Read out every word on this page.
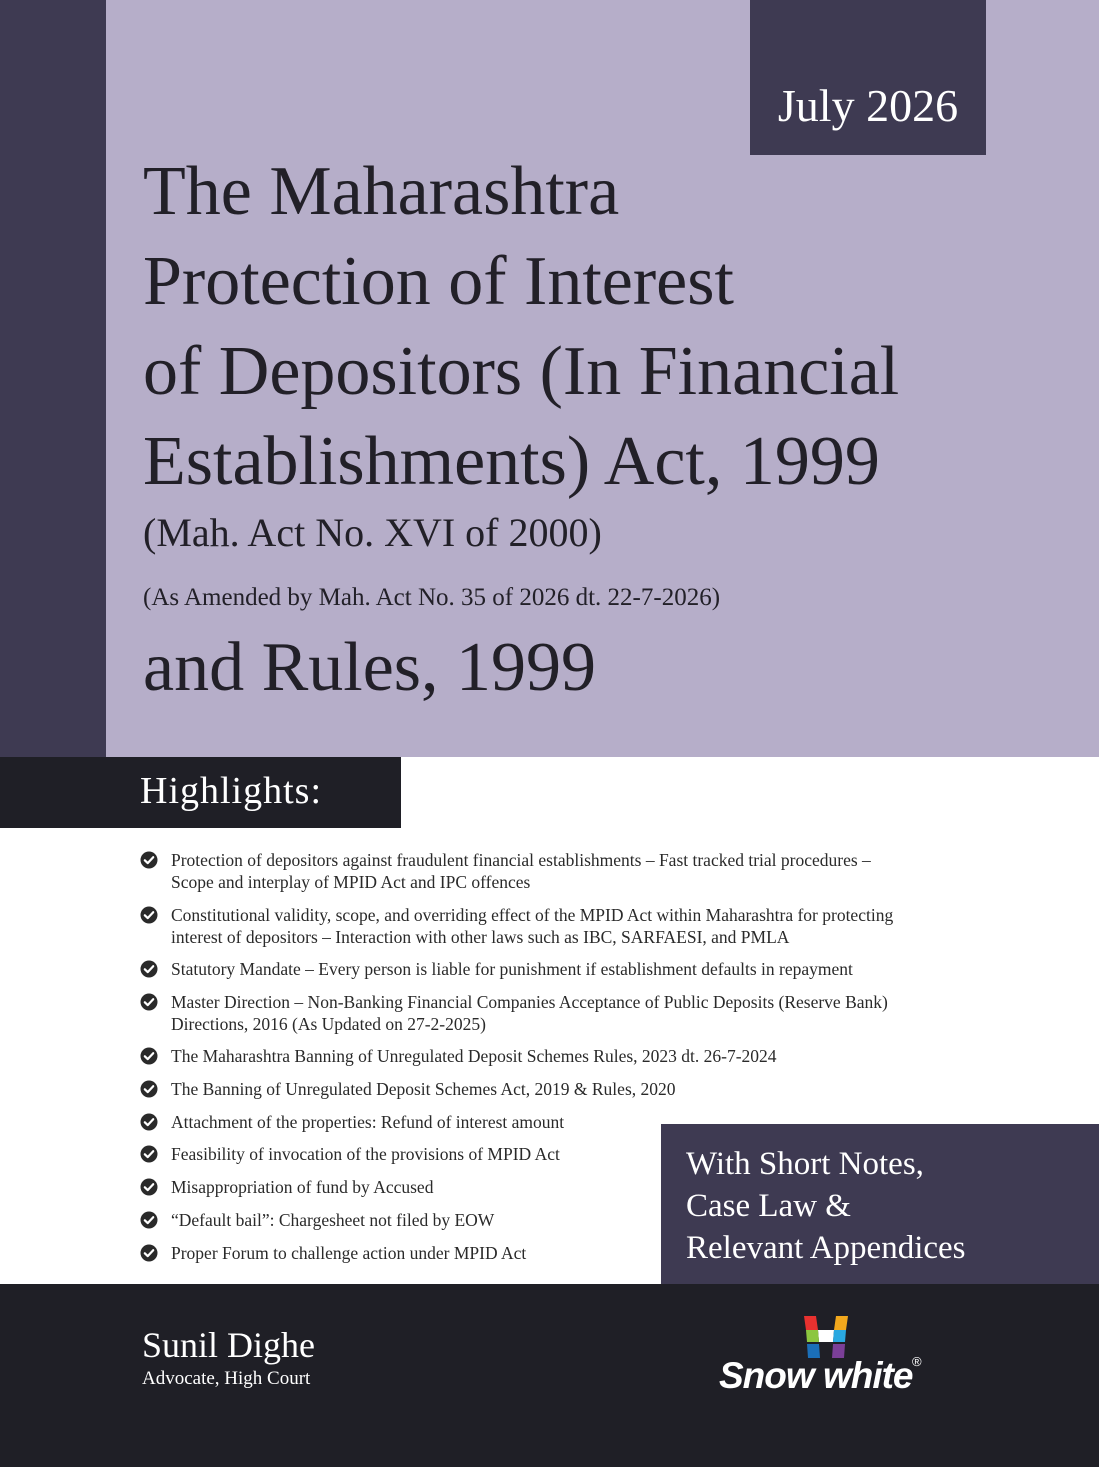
July 2026
The Maharashtra
Protection of Interest
of Depositors (In Financial
Establishments) Act, 1999
(Mah. Act No. XVI of 2000)
(As Amended by Mah. Act No. 35 of 2026 dt. 22-7-2026)
and Rules, 1999
Highlights:
Protection of depositors against fraudulent financial establishments – Fast tracked trial procedures –
Scope and interplay of MPID Act and IPC offences
Constitutional validity, scope, and overriding effect of the MPID Act within Maharashtra for protecting
interest of depositors – Interaction with other laws such as IBC, SARFAESI, and PMLA
Statutory Mandate – Every person is liable for punishment if establishment defaults in repayment
Master Direction – Non-Banking Financial Companies Acceptance of Public Deposits (Reserve Bank)
Directions, 2016 (As Updated on 27-2-2025)
The Maharashtra Banning of Unregulated Deposit Schemes Rules, 2023 dt. 26-7-2024
The Banning of Unregulated Deposit Schemes Act, 2019 & Rules, 2020
Attachment of the properties: Refund of interest amount
Feasibility of invocation of the provisions of MPID Act
Misappropriation of fund by Accused
“Default bail”: Chargesheet not filed by EOW
Proper Forum to challenge action under MPID Act
With Short Notes,
Case Law &
Relevant Appendices
Sunil Dighe
Advocate, High Court	Snow white ®
